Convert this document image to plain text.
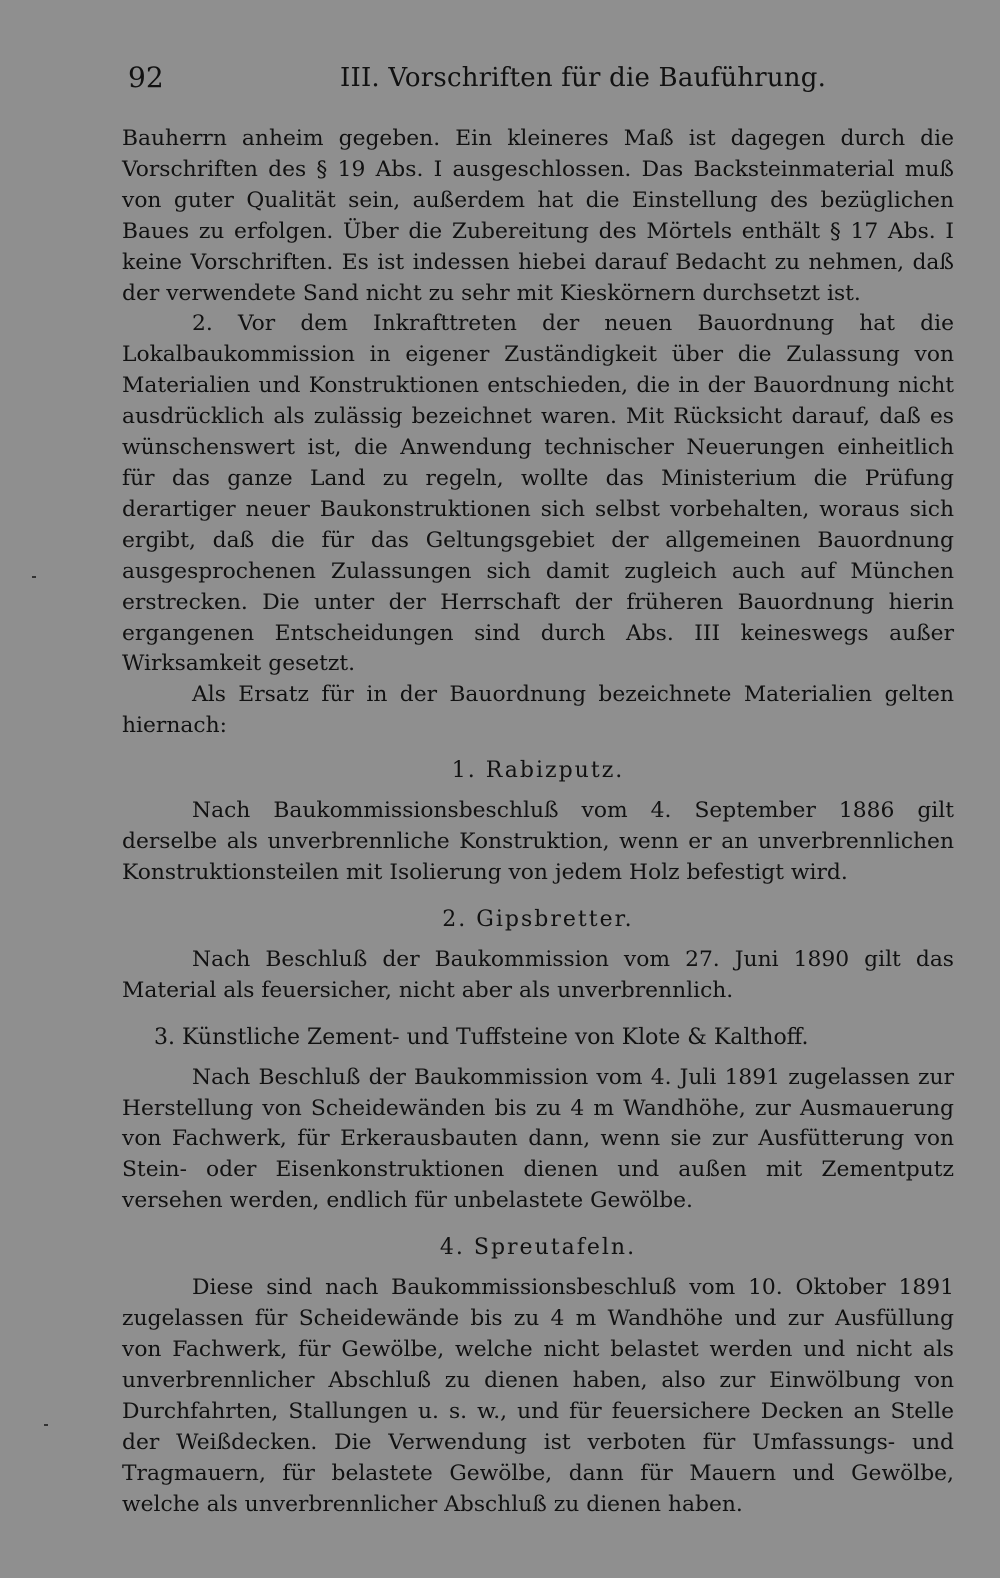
92	III. Vorschriften für die Bauführung.

Bauherrn anheim gegeben. Ein kleineres Maß ist dagegen durch die Vorschriften des § 19 Abs. I ausgeschlossen. Das Backsteinmaterial muß von guter Qualität sein, außerdem hat die Einstellung des bezüglichen Baues zu erfolgen. Über die Zubereitung des Mörtels enthält § 17 Abs. I keine Vorschriften. Es ist indessen hiebei darauf Bedacht zu nehmen, daß der verwendete Sand nicht zu sehr mit Kieskörnern durchsetzt ist.

2. Vor dem Inkrafttreten der neuen Bauordnung hat die Lokalbaukommission in eigener Zuständigkeit über die Zulassung von Materialien und Konstruktionen entschieden, die in der Bauordnung nicht ausdrücklich als zulässig bezeichnet waren. Mit Rücksicht darauf, daß es wünschenswert ist, die Anwendung technischer Neuerungen einheitlich für das ganze Land zu regeln, wollte das Ministerium die Prüfung derartiger neuer Baukonstruktionen sich selbst vorbehalten, woraus sich ergibt, daß die für das Geltungsgebiet der allgemeinen Bauordnung ausgesprochenen Zulassungen sich damit zugleich auch auf München erstrecken. Die unter der Herrschaft der früheren Bauordnung hierin ergangenen Entscheidungen sind durch Abs. III keineswegs außer Wirksamkeit gesetzt.

Als Ersatz für in der Bauordnung bezeichnete Materialien gelten hiernach:

1. Rabizputz.

Nach Baukommissionsbeschluß vom 4. September 1886 gilt derselbe als unverbrennliche Konstruktion, wenn er an unverbrennlichen Konstruktionsteilen mit Isolierung von jedem Holz befestigt wird.

2. Gipsbretter.

Nach Beschluß der Baukommission vom 27. Juni 1890 gilt das Material als feuersicher, nicht aber als unverbrennlich.

3. Künstliche Zement- und Tuffsteine von Klote & Kalthoff.

Nach Beschluß der Baukommission vom 4. Juli 1891 zugelassen zur Herstellung von Scheidewänden bis zu 4 m Wandhöhe, zur Ausmauerung von Fachwerk, für Erkerausbauten dann, wenn sie zur Ausfütterung von Stein- oder Eisenkonstruktionen dienen und außen mit Zementputz versehen werden, endlich für unbelastete Gewölbe.

4. Spreutafeln.

Diese sind nach Baukommissionsbeschluß vom 10. Oktober 1891 zugelassen für Scheidewände bis zu 4 m Wandhöhe und zur Ausfüllung von Fachwerk, für Gewölbe, welche nicht belastet werden und nicht als unverbrennlicher Abschluß zu dienen haben, also zur Einwölbung von Durchfahrten, Stallungen u. s. w., und für feuersichere Decken an Stelle der Weißdecken. Die Verwendung ist verboten für Umfassungs- und Tragmauern, für belastete Gewölbe, dann für Mauern und Gewölbe, welche als unverbrennlicher Abschluß zu dienen haben.
